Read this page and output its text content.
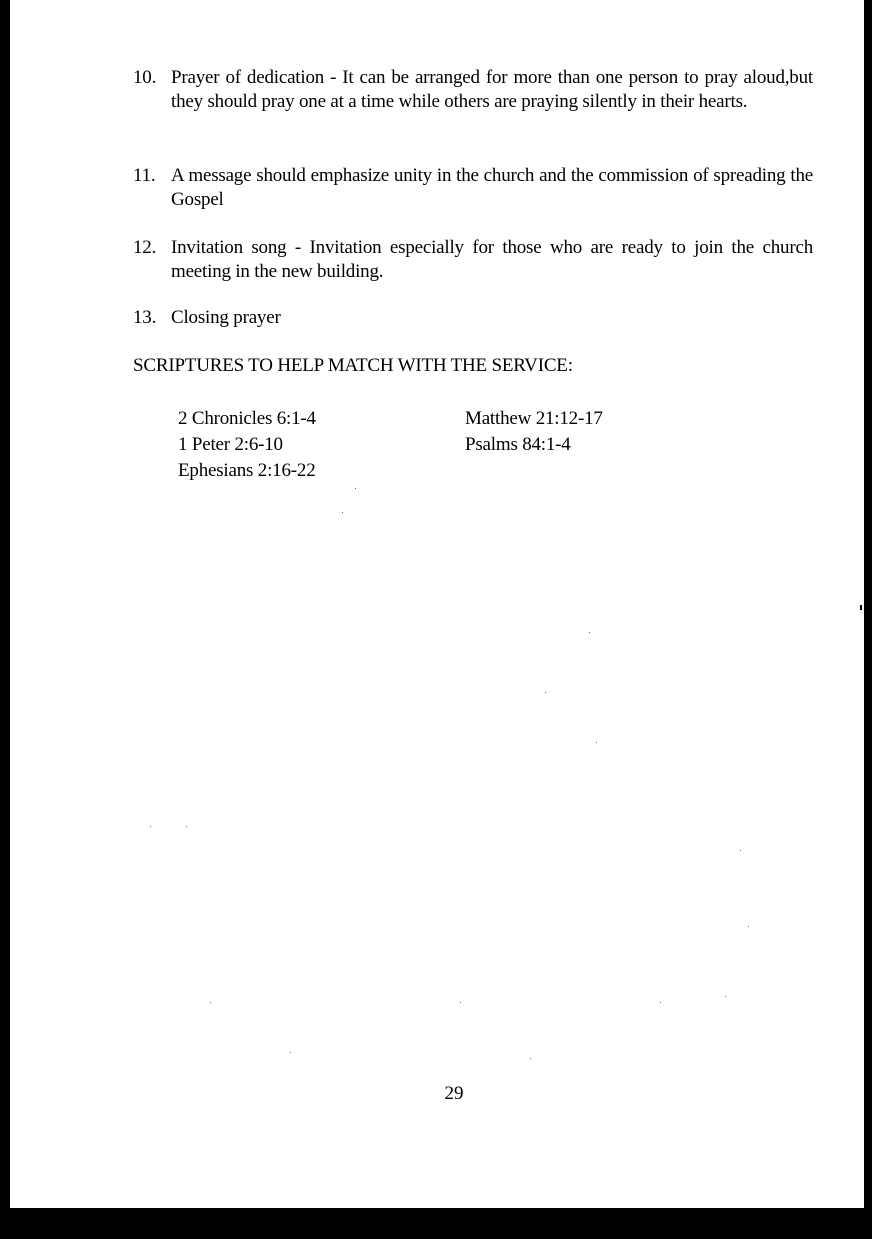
10. Prayer of dedication - It can be arranged for more than one person to pray aloud,but they should pray one at a time while others are praying silently in their hearts.
11. A message should emphasize unity in the church and the commission of spreading the Gospel
12. Invitation song - Invitation especially for those who are ready to join the church meeting in the new building.
13. Closing prayer
SCRIPTURES TO HELP MATCH WITH THE SERVICE:
2 Chronicles 6:1-4
1 Peter 2:6-10
Ephesians 2:16-22
Matthew 21:12-17
Psalms 84:1-4
29
